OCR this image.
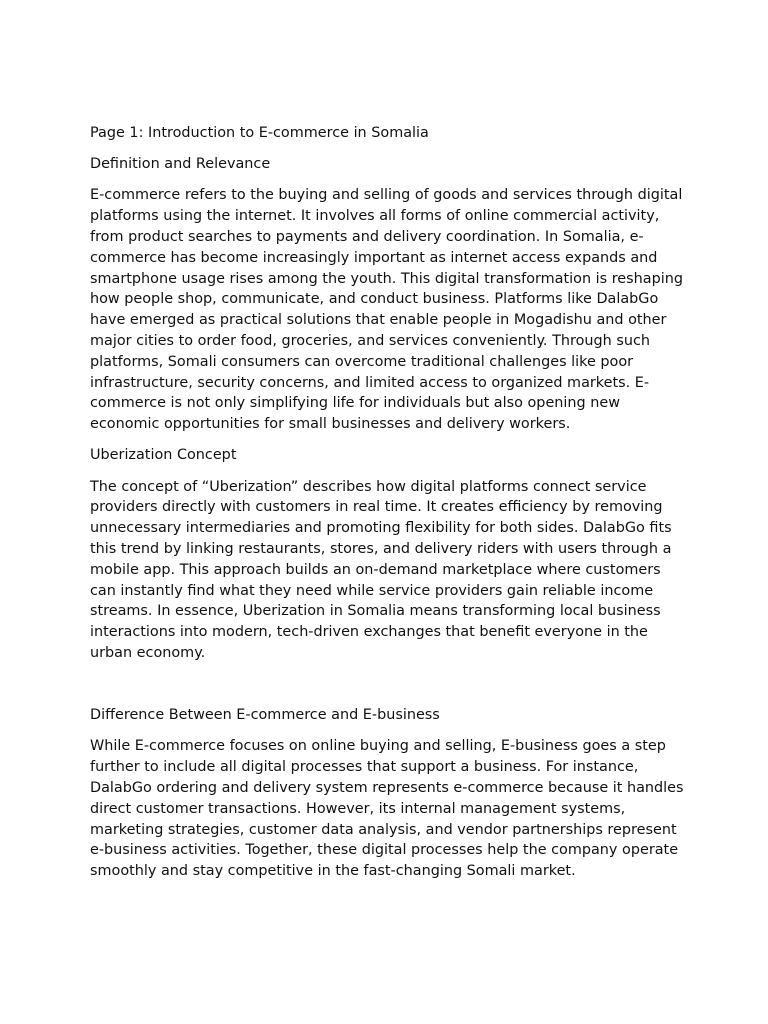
Page 1: Introduction to E-commerce in Somalia

Definition and Relevance

E-commerce refers to the buying and selling of goods and services through digital platforms using the internet. It involves all forms of online commercial activity, from product searches to payments and delivery coordination. In Somalia, e-commerce has become increasingly important as internet access expands and smartphone usage rises among the youth. This digital transformation is reshaping how people shop, communicate, and conduct business. Platforms like DalabGo have emerged as practical solutions that enable people in Mogadishu and other major cities to order food, groceries, and services conveniently. Through such platforms, Somali consumers can overcome traditional challenges like poor infrastructure, security concerns, and limited access to organized markets. E-commerce is not only simplifying life for individuals but also opening new economic opportunities for small businesses and delivery workers.

Uberization Concept

The concept of “Uberization” describes how digital platforms connect service providers directly with customers in real time. It creates efficiency by removing unnecessary intermediaries and promoting flexibility for both sides. DalabGo fits this trend by linking restaurants, stores, and delivery riders with users through a mobile app. This approach builds an on-demand marketplace where customers can instantly find what they need while service providers gain reliable income streams. In essence, Uberization in Somalia means transforming local business interactions into modern, tech-driven exchanges that benefit everyone in the urban economy.

Difference Between E-commerce and E-business

While E-commerce focuses on online buying and selling, E-business goes a step further to include all digital processes that support a business. For instance, DalabGo ordering and delivery system represents e-commerce because it handles direct customer transactions. However, its internal management systems, marketing strategies, customer data analysis, and vendor partnerships represent e-business activities. Together, these digital processes help the company operate smoothly and stay competitive in the fast-changing Somali market.
